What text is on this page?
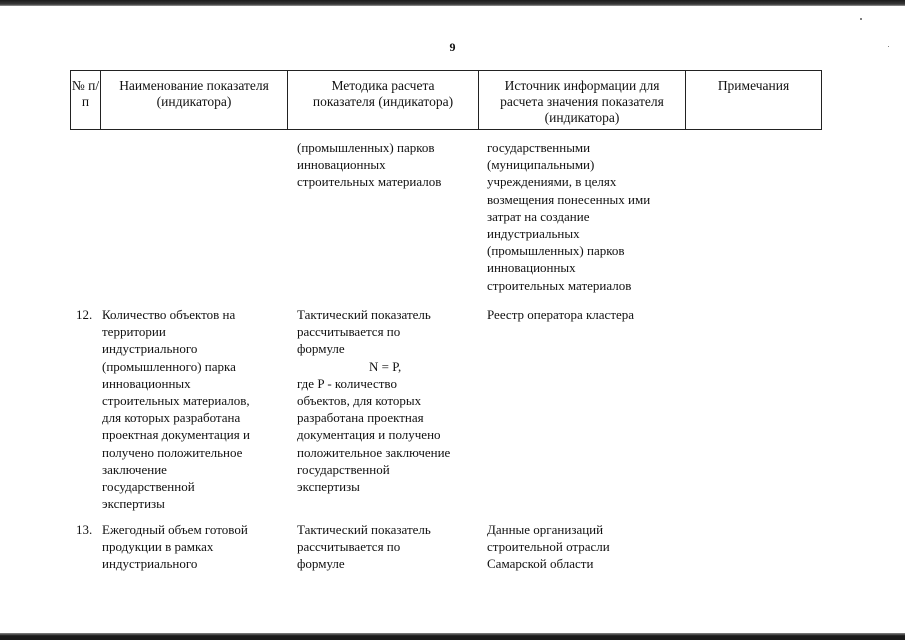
9
№ п/п
Наименование показателя
(индикатора)
Методика расчета
показателя (индикатора)
Источник информации для
расчета значения показателя
(индикатора)
Примечания
(промышленных) парков
инновационных
строительных материалов
государственными
(муниципальными)
учреждениями, в целях
возмещения понесенных ими
затрат на создание
индустриальных
(промышленных) парков
инновационных
строительных материалов
12. Количество объектов на
территории
индустриального
(промышленного) парка
инновационных
строительных материалов,
для которых разработана
проектная документация и
получено положительное
заключение
государственной
экспертизы
Тактический показатель
рассчитывается по
формуле
N = P,
где P - количество
объектов, для которых
разработана проектная
документация и получено
положительное заключение
государственной
экспертизы
Реестр оператора кластера
13. Ежегодный объем готовой
продукции в рамках
индустриального
Тактический показатель
рассчитывается по
формуле
Данные организаций
строительной отрасли
Самарской области
